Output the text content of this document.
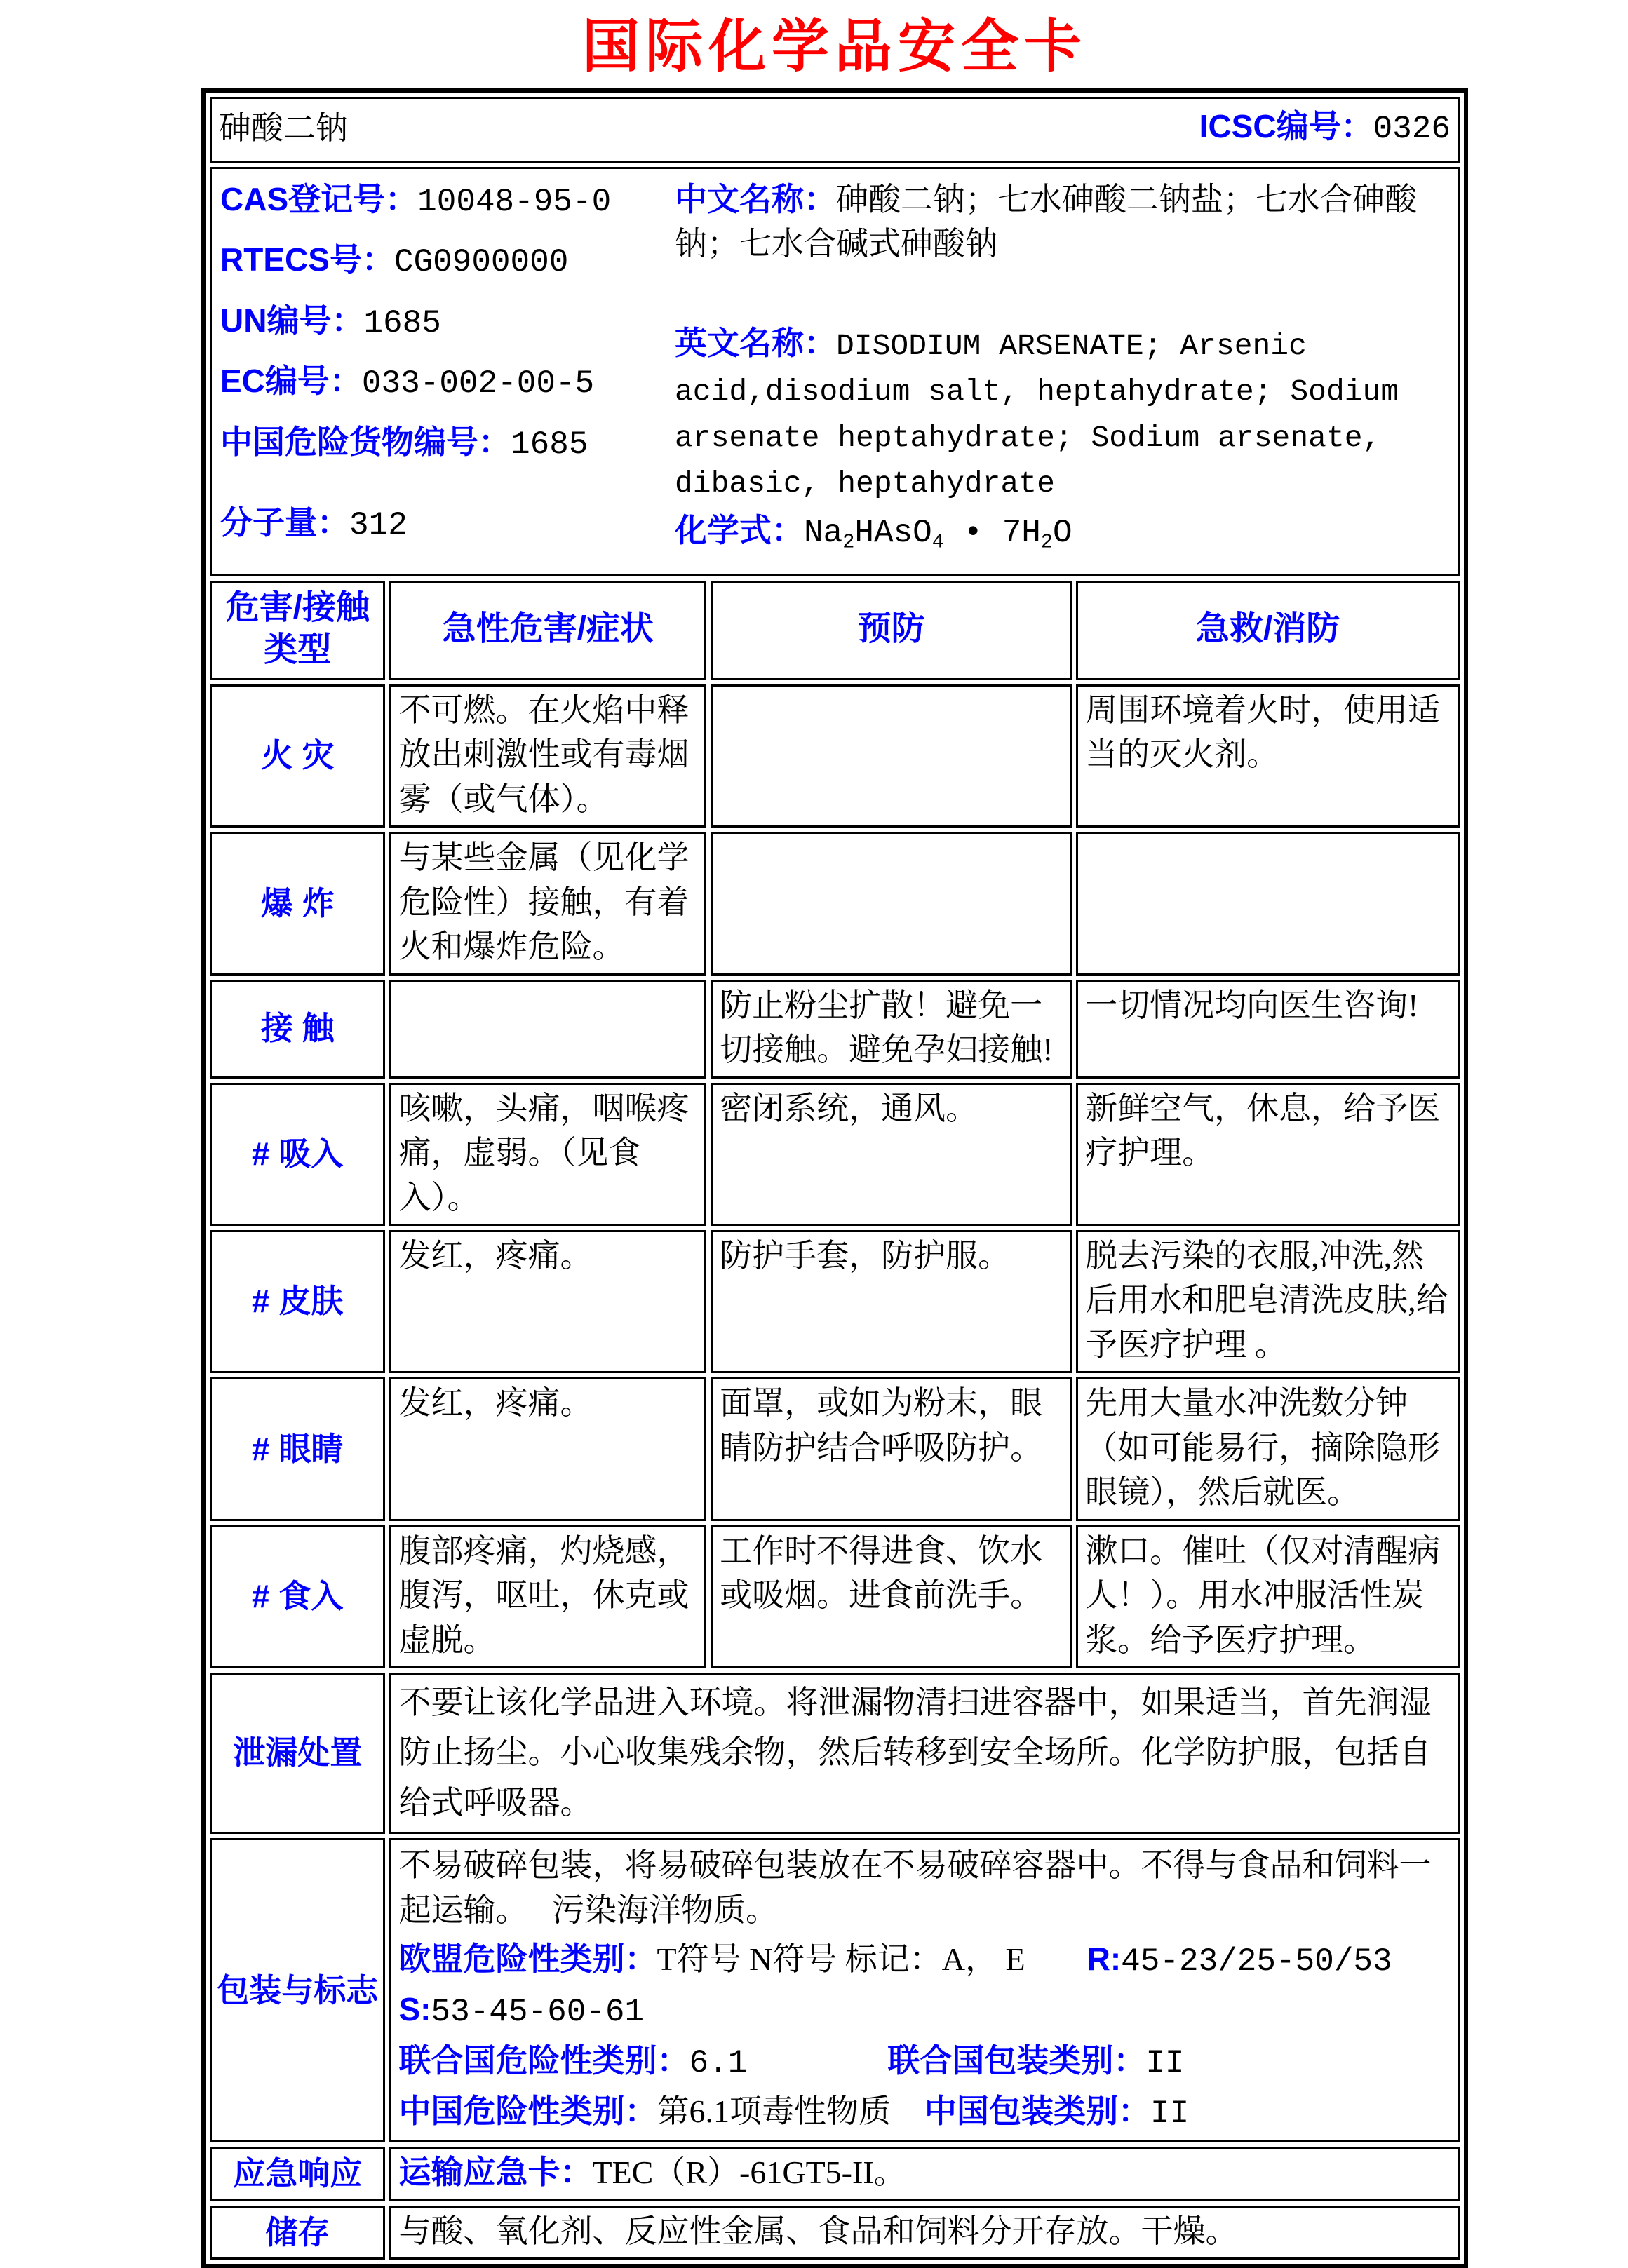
国际化学品安全卡
砷酸二钠 ICSC编号：0326			

CAS登记号：10048-95-0
RTECS号：CG0900000
UN编号：1685
EC编号：033-002-00-5
中国危险货物编号：1685
分子量：312
中文名称：砷酸二钠；七水砷酸二钠盐；七水合砷酸钠；七水合碱式砷酸钠
英文名称：DISODIUM ARSENATE; Arsenic acid,disodium salt, heptahydrate; Sodium arsenate heptahydrate; Sodium arsenate, dibasic, heptahydrate
化学式：$Na_2HAsO_4$ • $7H_2O$

危害/接触类型	急性危害/症状	预防	急救/消防
火 灾	不可燃。在火焰中释放出刺激性或有毒烟雾（或气体）。		周围环境着火时，使用适当的灭火剂。
爆 炸	与某些金属（见化学危险性）接触，有着火和爆炸危险。		
接 触		防止粉尘扩散！避免一切接触。避免孕妇接触!	一切情况均向医生咨询!
# 吸入	咳嗽，头痛，咽喉疼痛，虚弱。（见食入）。	密闭系统，通风。	新鲜空气，休息，给予医疗护理。
# 皮肤	发红，疼痛。	防护手套，防护服。	脱去污染的衣服,冲洗,然后用水和肥皂清洗皮肤,给予医疗护理 。
# 眼睛	发红，疼痛。	面罩，或如为粉末，眼睛防护结合呼吸防护。	先用大量水冲洗数分钟（如可能易行，摘除隐形眼镜），然后就医。
# 食入	腹部疼痛，灼烧感，腹泻，呕吐，休克或虚脱。	工作时不得进食、饮水或吸烟。进食前洗手。	漱口。催吐（仅对清醒病人！）。用水冲服活性炭浆。给予医疗护理。
泄漏处置	不要让该化学品进入环境。将泄漏物清扫进容器中，如果适当，首先润湿防止扬尘。小心收集残余物，然后转移到安全场所。化学防护服，包括自给式呼吸器。		
包装与标志	不易破碎包装，将易破碎包装放在不易破碎容器中。不得与食品和饲料一起运输。　 污染海洋物质。
欧盟危险性类别：T符号 N符号 标记：A， E R:45-23/25-50/53
S:53-45-60-61
联合国危险性类别：6.1 联合国包装类别：II
中国危险性类别：第6.1项毒性物质 中国包装类别：II		

应急响应	运输应急卡：TEC（R）-61GT5-II。		
储存	与酸、氧化剂、反应性金属、食品和饲料分开存放。干燥。		
